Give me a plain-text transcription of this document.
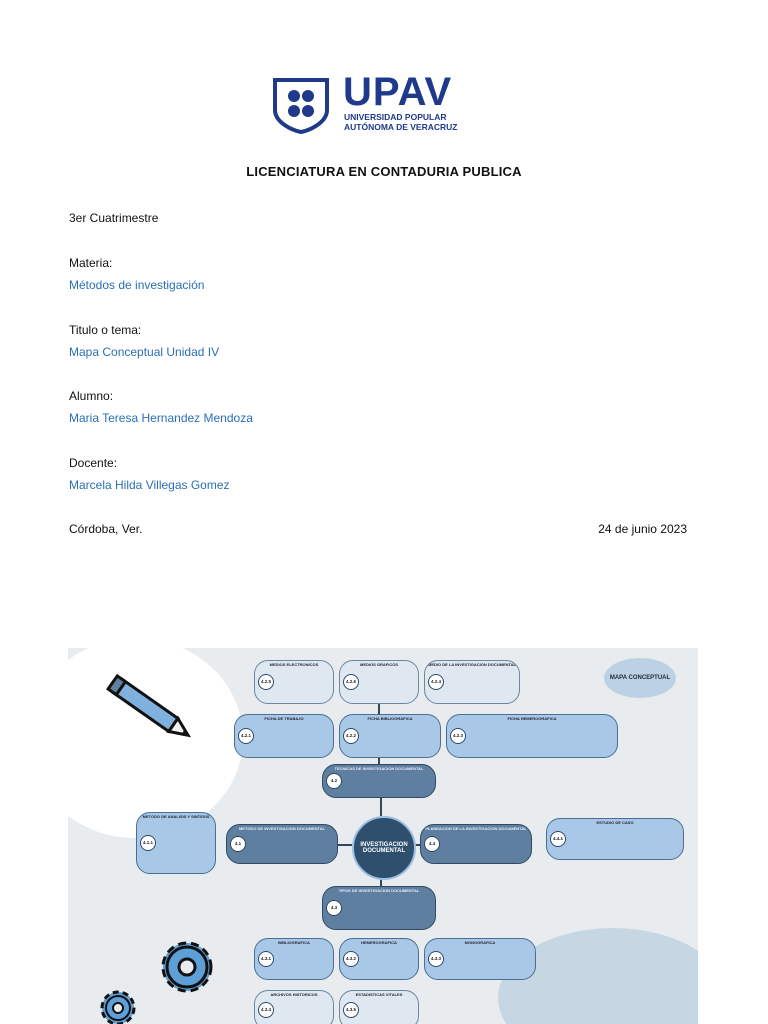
UPAV
UNIVERSIDAD POPULAR
AUTÓNOMA DE VERACRUZ
LICENCIATURA EN CONTADURIA PUBLICA
3er Cuatrimestre
Materia:
Métodos de investigación
Titulo o tema:
Mapa Conceptual Unidad IV
Alumno:
Maria Teresa Hernandez Mendoza
Docente:
Marcela Hilda Villegas Gomez
Córdoba, Ver.	24 de junio 2023
MAPA CONCEPTUAL
MEDIOS ELECTRONICOS
4.2.5
MEDIOS GRAFICOS
4.2.6
MEDIO DE LA INVESTIGACION DOCUMENTAL
4.2.4
FICHA DE TRABAJO
4.2.1
FICHA BIBLIOGRAFICA
4.2.2
FICHA HEMEROGRAFICA
4.2.3
TECNICAS DE INVESTIGACION DOCUMENTAL
4.2
METODO DE ANALISIS Y SINTESIS
4.1.1
METODO DE INVESTIGACION DOCUMENTAL
4.1	INVESTIGACION DOCUMENTAL
PLANEACION DE LA INVESTIGACION DOCUMENTAL
4.4
ESTUDIO DE CASO
4.4.1
TIPOS DE INVESTIGACION DOCUMENTAL
4.3
BIBLIOGRAFICA
4.3.1
HEMEROGRAFICA
4.3.2
MONOGRAFICA
4.3.3
ARCHIVOS HISTORICOS
4.3.4
ESTADISTICAS VITALES
4.3.5
